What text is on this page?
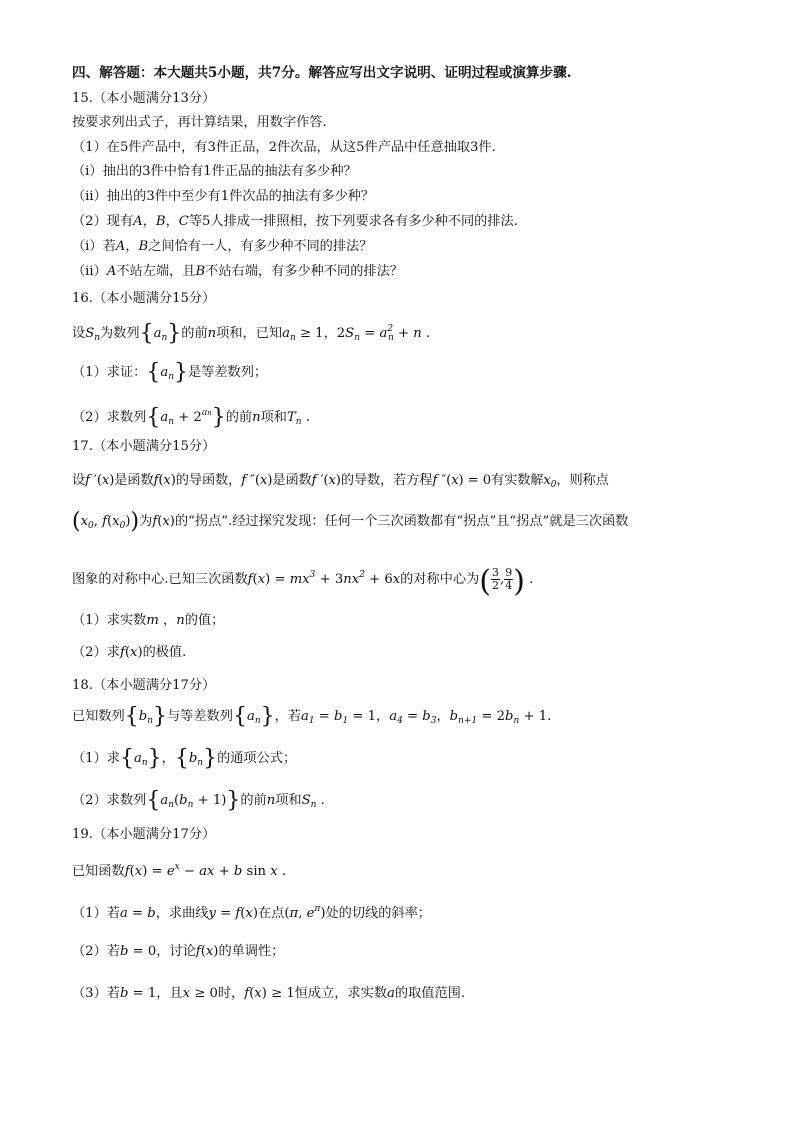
四、解答题：本大题共5小题，共7分。解答应写出文字说明、证明过程或演算步骤.
15.（本小题满分13分）
按要求列出式子，再计算结果，用数字作答.
（1）在5件产品中，有3件正品，2件次品，从这5件产品中任意抽取3件.
（ⅰ）抽出的3件中恰有1件正品的抽法有多少种？
（ⅱ）抽出的3件中至少有1件次品的抽法有多少种？
（2）现有A，B，C等5人排成一排照相，按下列要求各有多少种不同的排法.
（ⅰ）若A，B之间恰有一人，有多少种不同的排法？
（ⅱ）A不站左端，且B不站右端，有多少种不同的排法？
16.（本小题满分15分）
设$S_n$为数列$\{a_n\}$的前n项和，已知$a_n \ge 1$，$2S_n = a^2_n + n$ .
（1）求证：$\{a_n\}$是等差数列；
（2）求数列$\{a_n + 2^{an}\}$的前n项和$T_n$ .
17.（本小题满分15分）
设f ′(x)是函数f(x)的导函数，f ″(x)是函数f ′(x)的导数，若方程f ″(x) = 0有实数解$x_0$，则称点
($x_0$, $f(x_0)$)为f(x)的“拐点”.经过探究发现：任何一个三次函数都有“拐点”且“拐点”就是三次函数
图象的对称中心.已知三次函数$f(x) = mx^3 + 3nx^2 + 6x$的对称中心为( $\frac{3}{2}$ , $\frac{9}{4}$ ) .
（1）求实数m ，n的值；
（2）求f(x)的极值.
18.（本小题满分17分）
已知数列$\{b_n\}$与等差数列$\{a_n\}$，若$a_1 = b_1 = 1$，$a_4 = b_3$，$b_{n+1} = 2b_n + 1$.
（1）求$\{a_n\}$，$\{b_n\}$的通项公式；
（2）求数列$\{a_n(b_n + 1)\}$的前n项和$S_n$ .
19.（本小题满分17分）
已知函数$f(x) = e^x$ − ax + b sin x .
（1）若a = b，求曲线y = f(x)在点(π, $e^\pi$)处的切线的斜率；
（2）若b = 0，讨论f(x)的单调性；
（3）若b = 1，且x ≥ 0时，f(x) ≥ 1恒成立，求实数a的取值范围.
